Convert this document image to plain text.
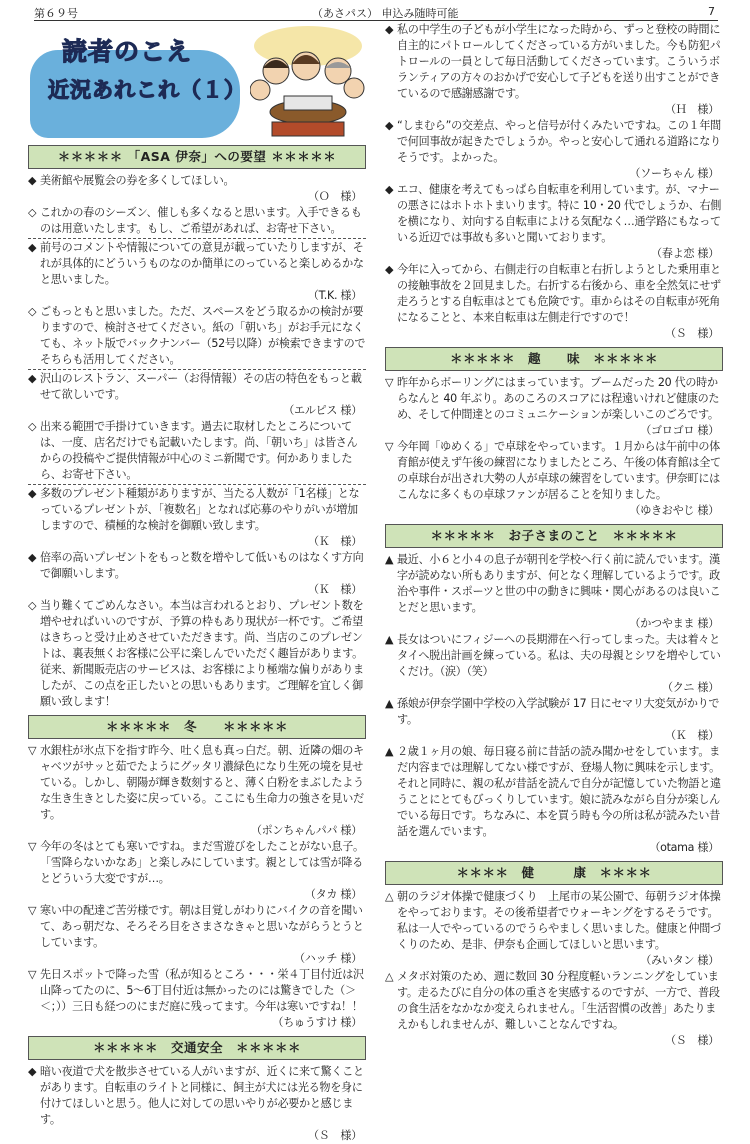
第６９号	（あさパス） 申込み随時可能	7
読者のこえ
近況あれこれ（１）
＊＊＊＊＊ 「ASA 伊奈」への要望 ＊＊＊＊＊

◆ 美術館や展覧会の券を多くしてほしい。

（Ｏ　様）

◇ これかの春のシーズン、催しも多くなると思います。入手できるものは用意いたします。もし、ご希望があれば、お寄せ下さい。

◆ 前号のコメントや情報についての意見が載っていたりしますが、それが具体的にどういうものなのか簡単にのっていると楽しめるかなと思いました。

（T.K. 様）

◇ ごもっともと思いました。ただ、スペースをどう取るかの検討が要りますので、検討させてください。紙の「朝いち」がお手元になくても、ネット版でバックナンバー（52号以降）が検索できますのでそちらも活用してください。

◆ 沢山のレストラン、スーパー（お得情報）その店の特色をもっと載せて欲しいです。

（エルピス 様）

◇ 出来る範囲で手掛けていきます。過去に取材したところについては、一度、店名だけでも記載いたします。尚、「朝いち」は皆さんからの投稿やご提供情報が中心のミニ新聞です。何かありましたら、お寄せ下さい。

◆ 多数のプレゼント種類がありますが、当たる人数が「1名様」となっているプレゼントが、「複数名」となれば応募のやりがいが増加しますので、積極的な検討を御願い致します。

（Ｋ　様）

◆ 倍率の高いプレゼントをもっと数を増やして低いものはなくす方向で御願いします。

（Ｋ　様）

◇ 当り難くてごめんなさい。本当は言われるとおり、プレゼント数を増やせればいいのですが、予算の枠もあり現状が一杯です。ご希望はきちっと受け止めさせていただきます。尚、当店のこのプレゼントは、裏表無くお客様に公平に楽しんでいただく趣旨があります。従来、新聞販売店のサービスは、お客様により極端な偏りがありましたが、この点を正したいとの思いもあります。ご理解を宜しく御願い致します！

＊＊＊＊＊　冬　　＊＊＊＊＊

▽ 水銀柱が氷点下を指す昨今、吐く息も真っ白だ。朝、近隣の畑のキャベツがサッと茹でたようにグッタリ濃緑色になり生死の境を見せている。しかし、朝陽が輝き数刻すると、薄く白粉をまぶしたような生き生きとした姿に戻っている。ここにも生命力の強さを見いだす。

（ポンちゃんパパ 様）

▽ 今年の冬はとても寒いですね。まだ雪遊びをしたことがない息子。「雪降らないかなあ」と楽しみにしています。親としては雪が降るとどういう大変ですが…。

（タカ 様）

▽ 寒い中の配達ご苦労様です。朝は目覚しがわりにバイクの音を聞いて、あっ朝だな、そろそろ目をさまさなきゃと思いながらうとうとしています。

（ハッチ 様）

▽ 先日スポットで降った雪（私が知るところ・・・栄４丁目付近は沢山降ってたのに、5～6丁目付近は無かったのには驚きでした（＞＜；））三日も経つのにまだ庭に残ってます。今年は寒いですね！！

（ちゅうすけ 様）
＊＊＊＊＊　交通安全　＊＊＊＊＊

◆ 暗い夜道で犬を散歩させている人がいますが、近くに来て驚くことがあります。自転車のライトと同様に、飼主が犬には光る物を身に付けてほしいと思う。他人に対しての思いやりが必要かと感じます。

（Ｓ　様）

◆ 私の中学生の子どもが小学生になった時から、ずっと登校の時間に自主的にパトロールしてくださっている方がいました。今も防犯パトロールの一員として毎日活動してくださっています。こういうボランティアの方々のおかげで安心して子どもを送り出すことができているので感謝感謝です。

（Ｈ　様）

◆ “しまむら”の交差点、やっと信号が付くみたいですね。この１年間で何回事故が起きたでしょうか。やっと安心して通れる道路になりそうです。よかった。

（ソーちゃん 様）

◆ エコ、健康を考えてもっぱら自転車を利用しています。が、マナーの悪さにはホトホトまいります。特に 10・20 代でしょうか、右側を横になり、対向する自転車によける気配なく…通学路にもなっている近辺では事故も多いと聞いております。

（春よ恋 様）

◆ 今年に入ってから、右側走行の自転車と右折しようとした乗用車との接触事故を２回見ました。右折する右後から、車を全然気にせず走ろうとする自転車はとても危険です。車からはその自転車が死角になることと、本来自転車は左側走行ですので！

（Ｓ　様）
＊＊＊＊＊　趣　　味　＊＊＊＊＊

▽ 昨年からボーリングにはまっています。ブームだった 20 代の時からなんと 40 年ぶり。あのころのスコアには程遠いけれど健康のため、そして仲間達とのコミュニケーションが楽しいこのごろです。

（ゴロゴロ 様）

▽ 今年岡「ゆめくる」で卓球をやっています。１月からは午前中の体育館が使えず午後の練習になりましたところ、午後の体育館は全ての卓球台が出され大勢の人が卓球の練習をしています。伊奈町にはこんなに多くもの卓球ファンが居ることを知りました。

（ゆきおやじ 様）
＊＊＊＊＊　お子さまのこと　＊＊＊＊＊

▲ 最近、小６と小４の息子が朝刊を学校へ行く前に読んでいます。漢字が読めない所もありますが、何となく理解しているようです。政治や事件・スポーツと世の中の動きに興味・関心があるのは良いことだと思います。

（かつやまま 様）

▲ 長女はついにフィジーへの長期滞在へ行ってしまった。夫は着々とタイへ脱出計画を練っている。私は、夫の母親とシワを増やしていくだけ。（涙）（笑）

（クニ 様）

▲ 孫娘が伊奈学園中学校の入学試験が 17 日にセマリ大変気がかりです。

（Ｋ　様）

▲ ２歳１ヶ月の娘、毎日寝る前に昔話の読み聞かせをしています。まだ内容までは理解してない様ですが、登場人物に興味を示します。それと同時に、親の私が昔話を読んで自分が記憶していた物語と違うことにとてもびっくりしています。娘に読みながら自分が楽しんでいる毎日です。ちなみに、本を買う時も今の所は私が読みたい昔話を選んでいます。

（otama 様）
＊＊＊＊　健　　　康　＊＊＊＊

△ 朝のラジオ体操で健康づくり　上尾市の某公園で、毎朝ラジオ体操をやっております。その後希望者でウォーキングをするそうです。私は一人でやっているのでうらやましく思いました。健康と仲間づくりのため、是非、伊奈も企画してほしいと思います。

（みいタン 様）

△ メタボ対策のため、週に数回 30 分程度軽いランニングをしています。走るたびに自分の体の重さを実感するのですが、一方で、普段の食生活をなかなか変えられません。「生活習慣の改善」あたりまえかもしれませんが、難しいことなんですね。

（Ｓ　様）
